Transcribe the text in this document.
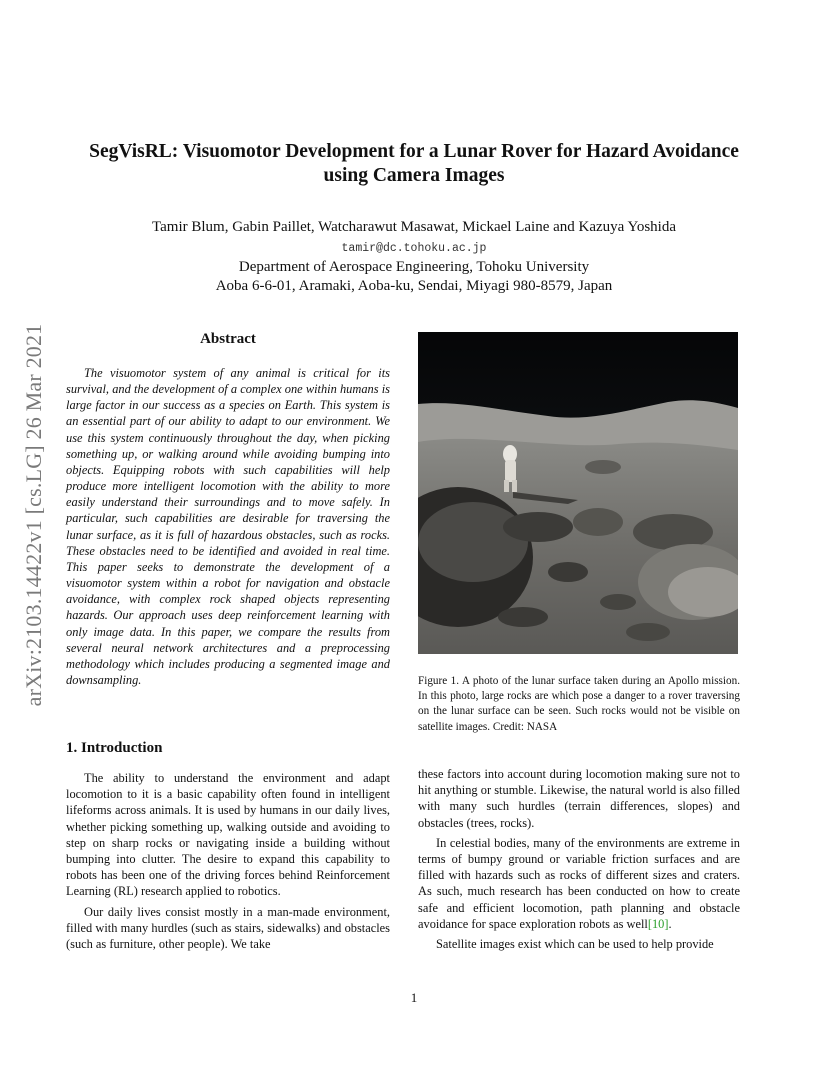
arXiv:2103.14422v1 [cs.LG] 26 Mar 2021
SegVisRL: Visuomotor Development for a Lunar Rover for Hazard Avoidance
using Camera Images
Tamir Blum, Gabin Paillet, Watcharawut Masawat, Mickael Laine and Kazuya Yoshida
tamir@dc.tohoku.ac.jp
Department of Aerospace Engineering, Tohoku University
Aoba 6-6-01, Aramaki, Aoba-ku, Sendai, Miyagi 980-8579, Japan
Abstract
The visuomotor system of any animal is critical for its survival, and the development of a complex one within humans is large factor in our success as a species on Earth. This system is an essential part of our ability to adapt to our environment. We use this system continuously throughout the day, when picking something up, or walking around while avoiding bumping into objects. Equipping robots with such capabilities will help produce more intelligent locomotion with the ability to more easily understand their surroundings and to move safely. In particular, such capabilities are desirable for traversing the lunar surface, as it is full of hazardous obstacles, such as rocks. These obstacles need to be identified and avoided in real time. This paper seeks to demonstrate the development of a visuomotor system within a robot for navigation and obstacle avoidance, with complex rock shaped objects representing hazards. Our approach uses deep reinforcement learning with only image data. In this paper, we compare the results from several neural network architectures and a preprocessing methodology which includes producing a segmented image and downsampling.
1. Introduction

The ability to understand the environment and adapt locomotion to it is a basic capability often found in intelligent lifeforms across animals. It is used by humans in our daily lives, whether picking something up, walking outside and avoiding to step on sharp rocks or navigating inside a building without bumping into clutter. The desire to expand this capability to robots has been one of the driving forces behind Reinforcement Learning (RL) research applied to robotics.

Our daily lives consist mostly in a man-made environment, filled with many hurdles (such as stairs, sidewalks) and obstacles (such as furniture, other people). We take

Figure 1. A photo of the lunar surface taken during an Apollo mission. In this photo, large rocks are which pose a danger to a rover traversing on the lunar surface can be seen. Such rocks would not be visible on satellite images. Credit: NASA

these factors into account during locomotion making sure not to hit anything or stumble. Likewise, the natural world is also filled with many such hurdles (terrain differences, slopes) and obstacles (trees, rocks).

In celestial bodies, many of the environments are extreme in terms of bumpy ground or variable friction surfaces and are filled with hazards such as rocks of different sizes and craters. As such, much research has been conducted on how to create safe and efficient locomotion, path planning and obstacle avoidance for space exploration robots as well[10].

Satellite images exist which can be used to help provide

1
